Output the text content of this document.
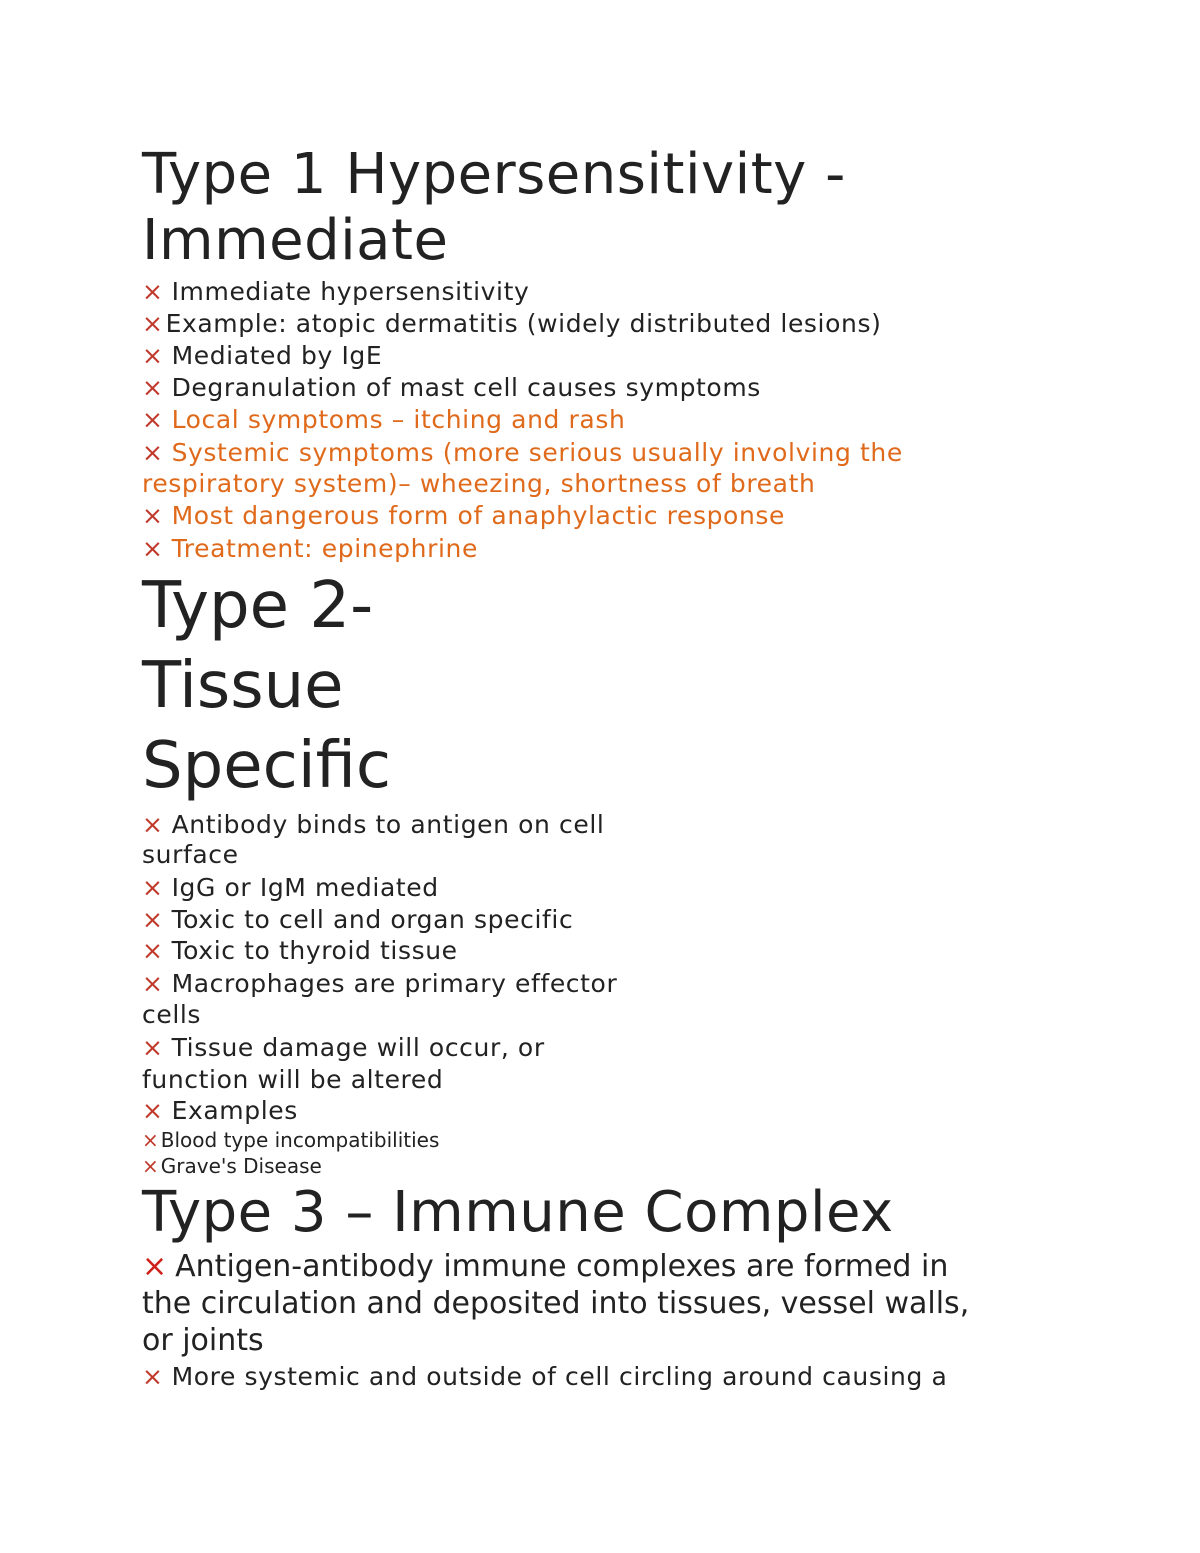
Type 1 Hypersensitivity -
Immediate
× Immediate hypersensitivity
×Example: atopic dermatitis (widely distributed lesions)
× Mediated by IgE
× Degranulation of mast cell causes symptoms
× Local symptoms – itching and rash
× Systemic symptoms (more serious usually involving the
respiratory system)– wheezing, shortness of breath
× Most dangerous form of anaphylactic response
× Treatment: epinephrine
Type 2-
Tissue
Specific
× Antibody binds to antigen on cell
surface
× IgG or IgM mediated
× Toxic to cell and organ specific
× Toxic to thyroid tissue
× Macrophages are primary effector
cells
× Tissue damage will occur, or
function will be altered
× Examples
× Blood type incompatibilities
× Grave's Disease
Type 3 – Immune Complex
× Antigen-antibody immune complexes are formed in
the circulation and deposited into tissues, vessel walls,
or joints
× More systemic and outside of cell circling around causing a
